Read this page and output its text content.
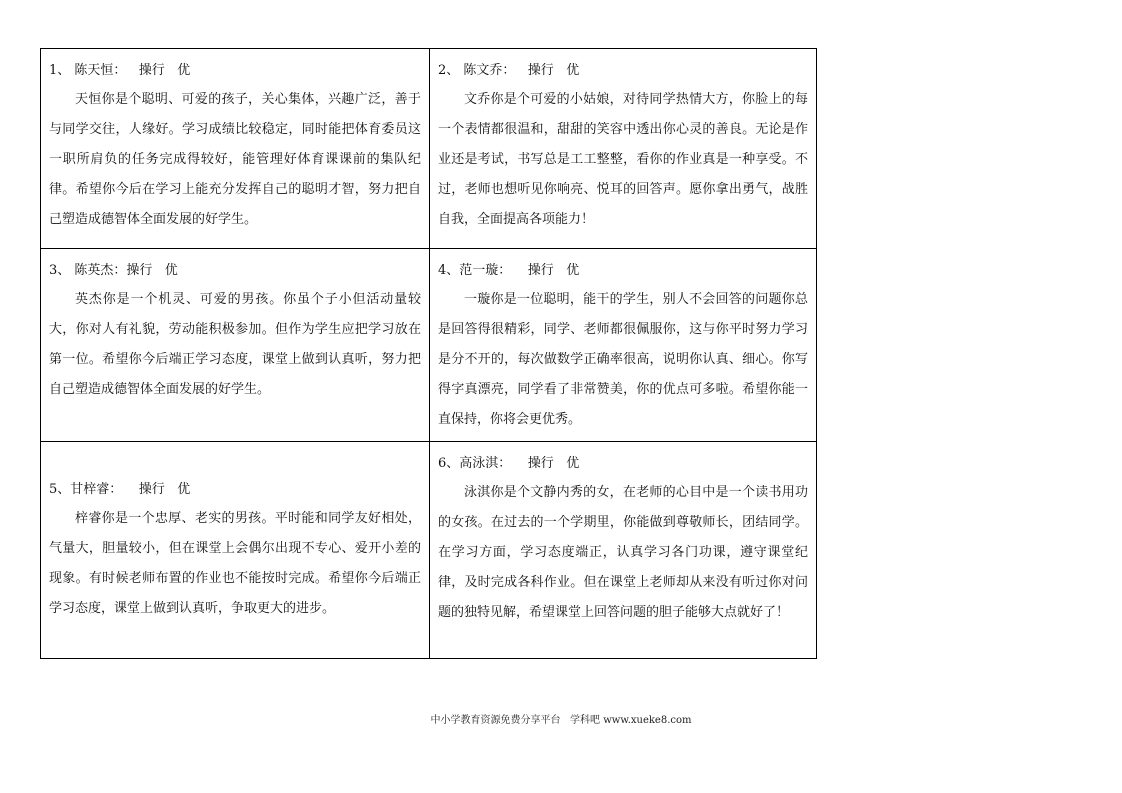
1、 陈天恒：   操行   优
天恒你是个聪明、可爱的孩子，关心集体，兴趣广泛，善于与同学交往，人缘好。学习成绩比较稳定，同时能把体育委员这一职所肩负的任务完成得较好，能管理好体育课课前的集队纪律。希望你今后在学习上能充分发挥自己的聪明才智，努力把自己塑造成德智体全面发展的好学生。	2、 陈文乔：   操行   优
文乔你是个可爱的小姑娘，对待同学热情大方，你脸上的每一个表情都很温和，甜甜的笑容中透出你心灵的善良。无论是作业还是考试，书写总是工工整整，看你的作业真是一种享受。不过，老师也想听见你响亮、悦耳的回答声。愿你拿出勇气，战胜自我，全面提高各项能力！

3、 陈英杰：操行   优
英杰你是一个机灵、可爱的男孩。你虽个子小但活动量较大，你对人有礼貌，劳动能积极参加。但作为学生应把学习放在第一位。希望你今后端正学习态度，课堂上做到认真听，努力把自己塑造成德智体全面发展的好学生。	4、范一璇：    操行   优
一璇你是一位聪明，能干的学生，别人不会回答的问题你总是回答得很精彩，同学、老师都很佩服你，这与你平时努力学习是分不开的，每次做数学正确率很高，说明你认真、细心。你写得字真漂亮，同学看了非常赞美，你的优点可多啦。希望你能一直保持，你将会更优秀。

5、甘梓睿：    操行   优
梓睿你是一个忠厚、老实的男孩。平时能和同学友好相处，气量大，胆量较小，但在课堂上会偶尔出现不专心、爱开小差的现象。有时候老师布置的作业也不能按时完成。希望你今后端正学习态度，课堂上做到认真听，争取更大的进步。	6、高泳淇：    操行   优
泳淇你是个文静内秀的女，在老师的心目中是一个读书用功的女孩。在过去的一个学期里，你能做到尊敬师长，团结同学。在学习方面，学习态度端正，认真学习各门功课，遵守课堂纪律，及时完成各科作业。但在课堂上老师却从来没有听过你对问题的独特见解，希望课堂上回答问题的胆子能够大点就好了！
中小学教育资源免费分享平台   学科吧 www.xueke8.com
